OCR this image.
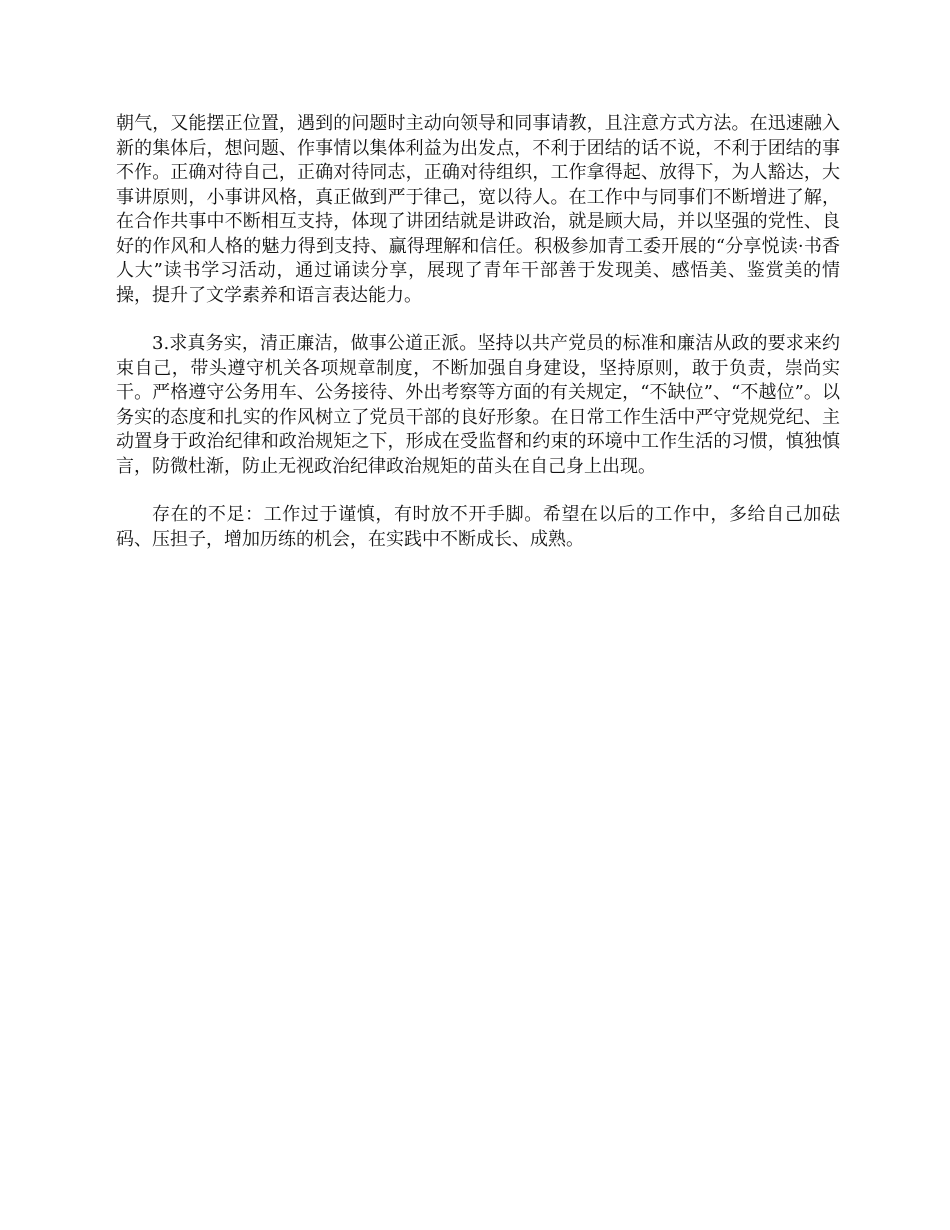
朝气，又能摆正位置，遇到的问题时主动向领导和同事请教，且注意方式方法。在迅速融入新的集体后，想问题、作事情以集体利益为出发点，不利于团结的话不说，不利于团结的事不作。正确对待自己，正确对待同志，正确对待组织，工作拿得起、放得下，为人豁达，大事讲原则，小事讲风格，真正做到严于律己，宽以待人。在工作中与同事们不断增进了解，在合作共事中不断相互支持，体现了讲团结就是讲政治，就是顾大局，并以坚强的党性、良好的作风和人格的魅力得到支持、赢得理解和信任。积极参加青工委开展的“分享悦读·书香人大”读书学习活动，通过诵读分享，展现了青年干部善于发现美、感悟美、鉴赏美的情操，提升了文学素养和语言表达能力。

3.求真务实，清正廉洁，做事公道正派。坚持以共产党员的标准和廉洁从政的要求来约束自己，带头遵守机关各项规章制度，不断加强自身建设，坚持原则，敢于负责，崇尚实干。严格遵守公务用车、公务接待、外出考察等方面的有关规定，“不缺位”、“不越位”。以务实的态度和扎实的作风树立了党员干部的良好形象。在日常工作生活中严守党规党纪、主动置身于政治纪律和政治规矩之下，形成在受监督和约束的环境中工作生活的习惯，慎独慎言，防微杜渐，防止无视政治纪律政治规矩的苗头在自己身上出现。

存在的不足：工作过于谨慎，有时放不开手脚。希望在以后的工作中，多给自己加砝码、压担子，增加历练的机会，在实践中不断成长、成熟。
